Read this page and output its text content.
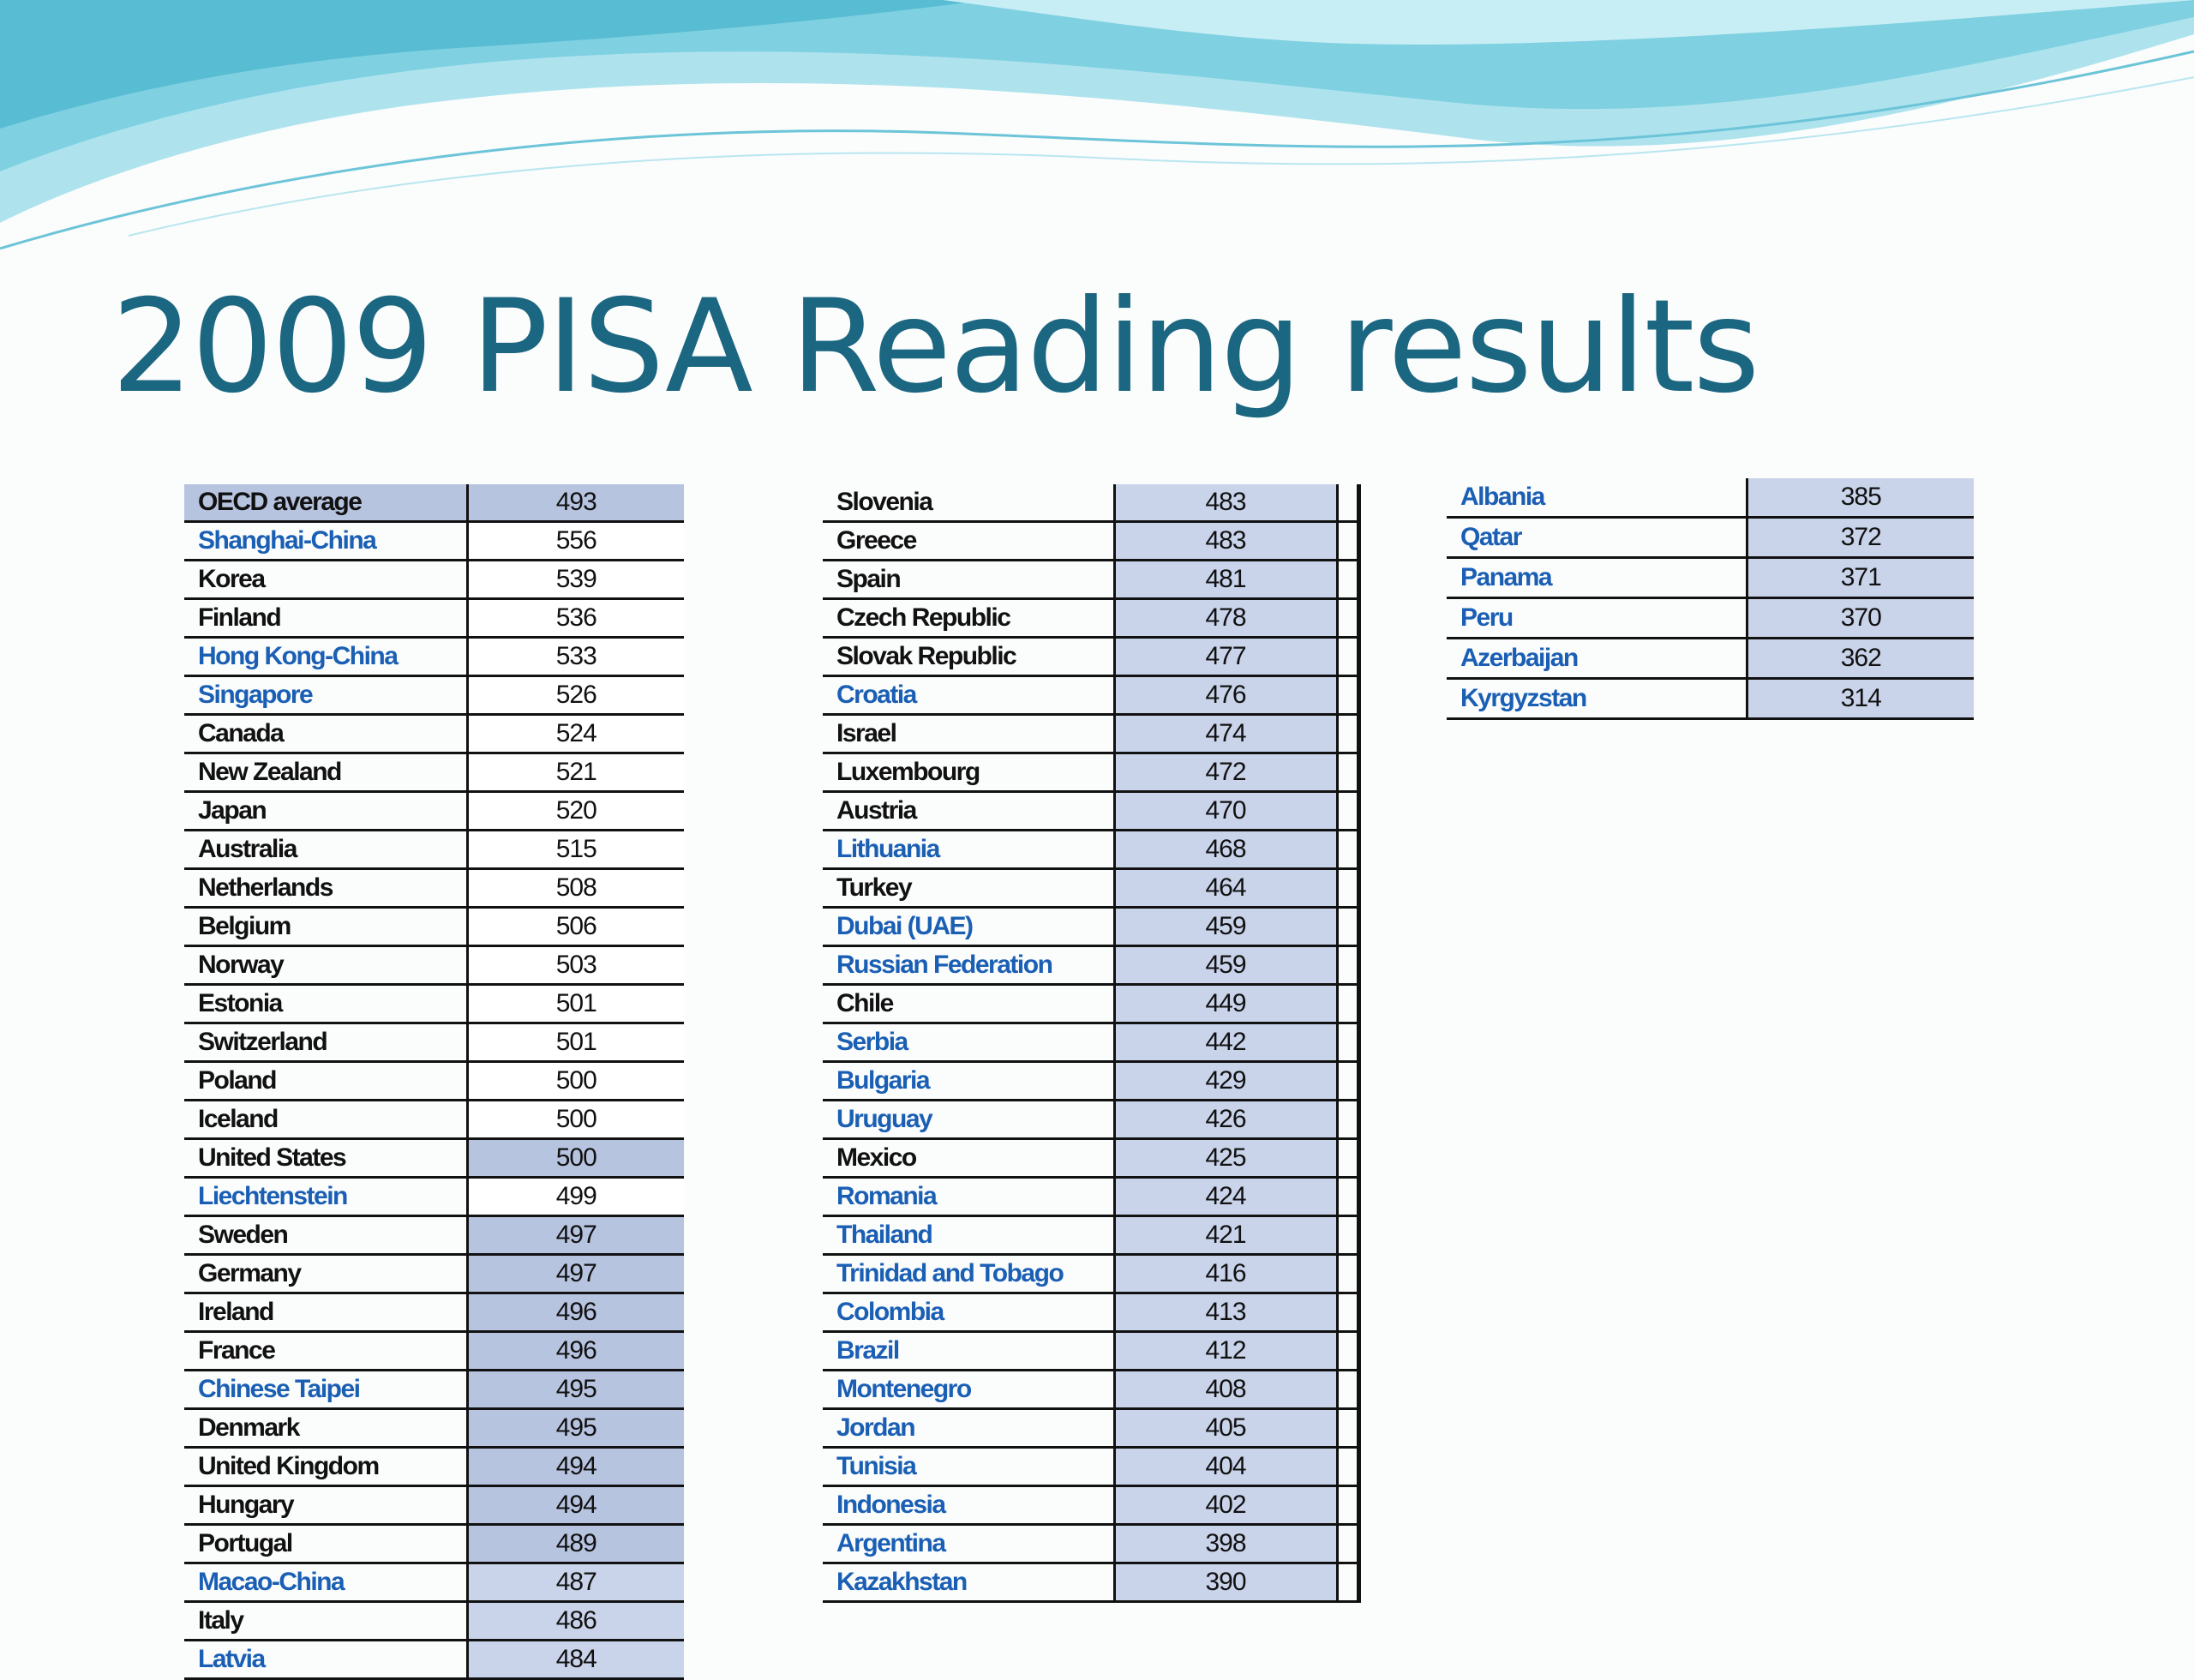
2009 PISA Reading results
OECD average	493
Shanghai-China	556
Korea	539
Finland	536
Hong Kong-China	533
Singapore	526
Canada	524
New Zealand	521
Japan	520
Australia	515
Netherlands	508
Belgium	506
Norway	503
Estonia	501
Switzerland	501
Poland	500
Iceland	500
United States	500
Liechtenstein	499
Sweden	497
Germany	497
Ireland	496
France	496
Chinese Taipei	495
Denmark	495
United Kingdom	494
Hungary	494
Portugal	489
Macao-China	487
Italy	486
Latvia	484
Slovenia	483	
Greece	483	
Spain	481	
Czech Republic	478	
Slovak Republic	477	
Croatia	476	
Israel	474	
Luxembourg	472	
Austria	470	
Lithuania	468	
Turkey	464	
Dubai (UAE)	459	
Russian Federation	459	
Chile	449	
Serbia	442	
Bulgaria	429	
Uruguay	426	
Mexico	425	
Romania	424	
Thailand	421	
Trinidad and Tobago	416	
Colombia	413	
Brazil	412	
Montenegro	408	
Jordan	405	
Tunisia	404	
Indonesia	402	
Argentina	398	
Kazakhstan	390	
Albania	385
Qatar	372
Panama	371
Peru	370
Azerbaijan	362
Kyrgyzstan	314
